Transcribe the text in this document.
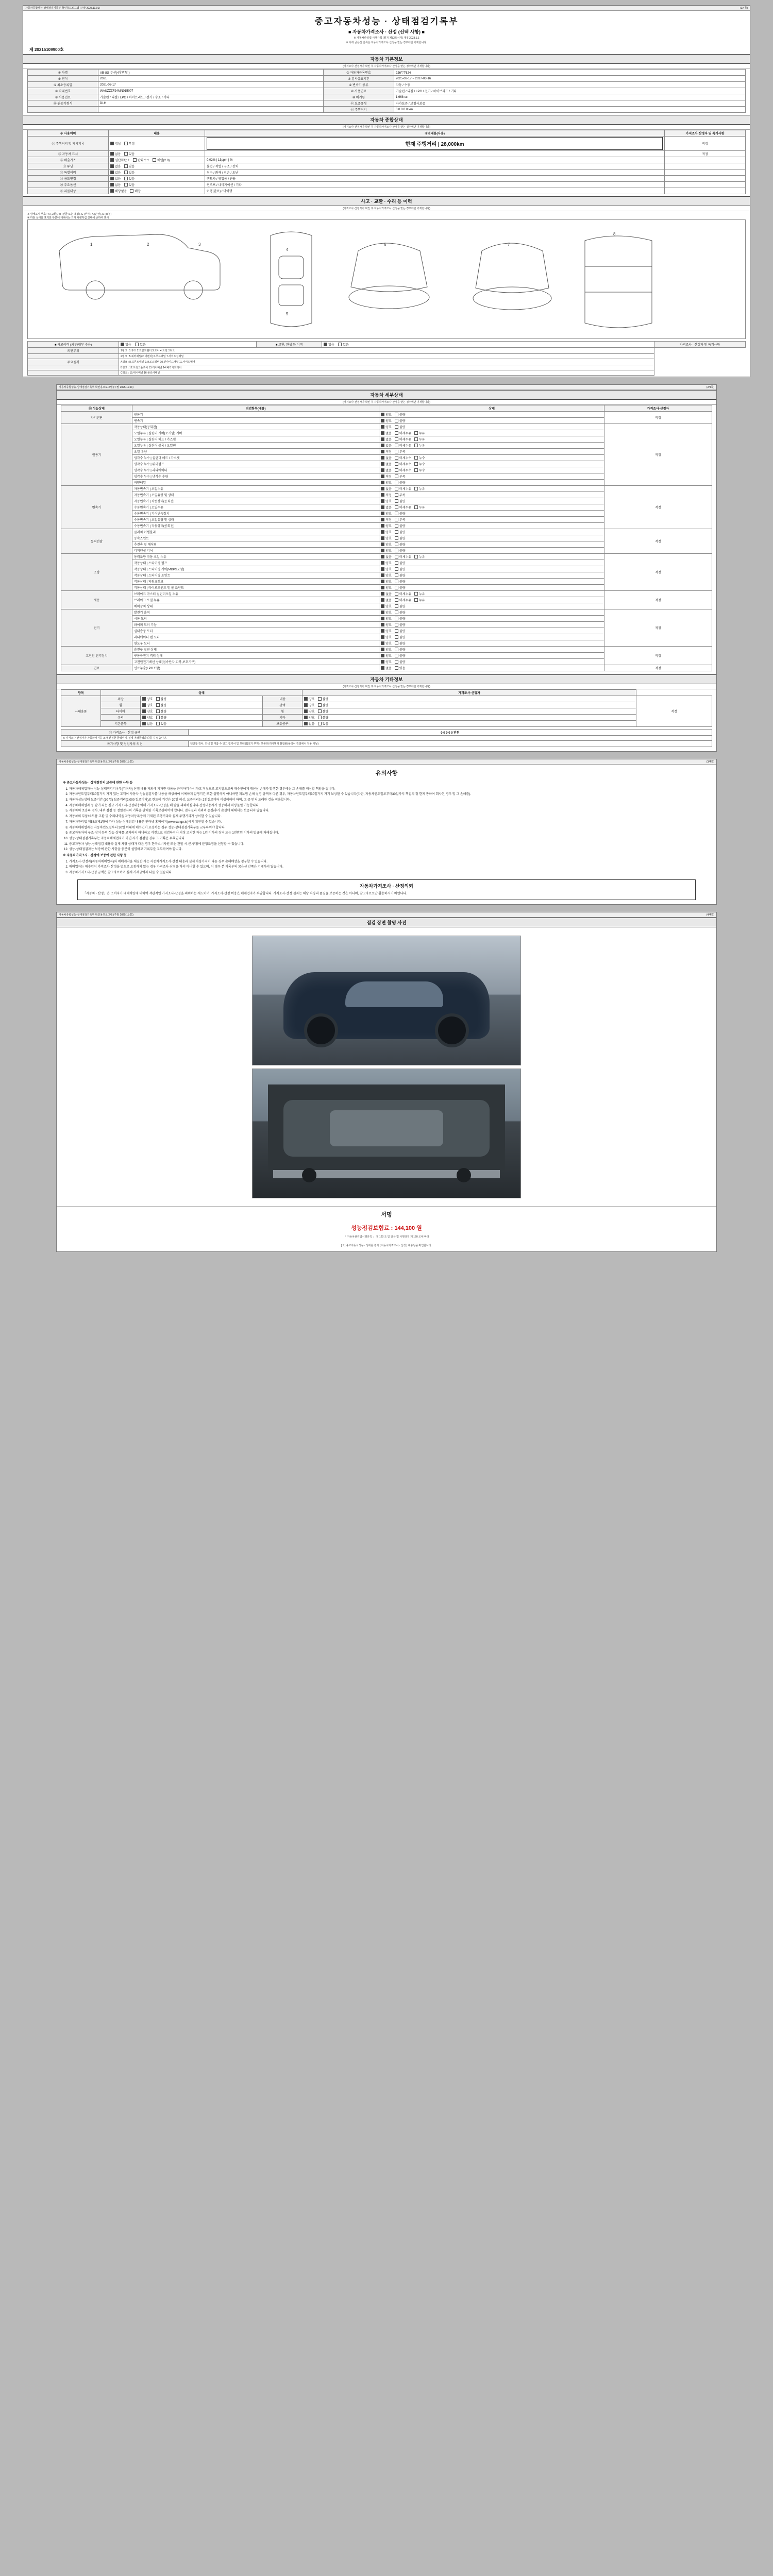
자동차종합성능·상태점검기록부 확인용프로그램 (주말 2025.11.01)	(1/4쪽)
중고자동차성능 · 상태점검기록부
■ 자동차가격조사 · 산정 (선택 사항) ■
※ 자동차관리법 시행규칙 [별지 제82호서식] 개정 2023.1.1
※ 아래 굵은선 안쪽은 자동차가격조사·산정을 받는 경우에만 기재합니다.
제 20215109900호
자동차 기본정보
(가격조사·산정자가 확인 후 자동차가격조사·산정을 받는 경우에만 기재합니다)
① 차명	AB-8G 무선(4후반딜 )	② 자동차등록번호	226무7624
③ 연식	2021	④ 검사유효기간	2025-03-17 ~ 2027-03-16
⑤ 최초등록일	2021-03-17	⑥ 변속기 종류	자동 / 수동
⑦ 차대번호	WAUZZZF24MN015007	⑧ 사용연료	가솔린 / 디젤 / LPG / 전기 / 하이브리드 / 기타
⑨ 사용연료	가솔린 / 디젤 / LPG / 하이브리드 / 전기 / 수소 / 기타	⑩ 배기량	1,968 cc
⑪ 원동기형식	DLH	⑫ 보증유형	자가보증 / 보험사보증
		⑬ 주행거리	0 0 0 0 0 km
자동차 종합상태
(가격조사·산정자가 확인 후 자동차가격조사·산정을 받는 경우에만 기재합니다)
※ 사용이력	내용	점검내용(사용)	가격조사·산정자 및 특기사항
⑭ 주행거리 및 제시기록	정상 부정	현재 주행거리 | 28,000km	적정
⑮ 자동차 표시	없음 있음		적정
⑯ 배출가스	일산화탄소 탄화수소 매연(2.0)	0.02% | 13ppm | %	
⑰ 튜닝	없음 있음	불법 / 적법 / 구조 / 장치	
⑱ 특별이력	없음 있음	침수 / 화재 / 전손 / 도난	
⑲ 용도변경	없음 있음	렌트카 / 영업용 / 관용	
⑳ 주요옵션	없음 있음	썬루프 / 네비게이션 / 기타	
㉑ 리콜대상	해당없음 해당	이행(완료) / 미이행	
사고 · 교환 · 수리 등 이력
(가격조사·산정자가 확인 후 자동차가격조사·산정을 받는 경우에만 기재합니다)
※ 상태표시 부호 : X (교환), W (판금 또는 용접), C (부식), A (손상), U (요철)
※ 하단 상태를 표기한 부분에 대해서는 기재 차량처럼 상태에 준하여 표시
1	2	3
4
5
6	7
8
■ 사고이력 (외부/내부 수용)	없음 있음	■ 교환, 완성 등 이력	없음 있음	가격조사 · 산정자 및 특기사항
외판부위	1랭크 : 1.후드 2.프론트펜더 3.도어 4.트렁크리드			
	2랭크 : 5.쿼터패널(리어펜더) 6.루프패널 7.사이드실패널			
주요골격	A랭크 : 8.프론트패널 9.크로스멤버 10.인사이드패널 11.사이드멤버			
	B랭크 : 12.트렁크플로어 13.리어패널 14.패키지트레이			
	C랭크 : 15.대시패널 16.플로어패널			
자동차종합성능·상태점검기록부 확인용프로그램 (주말 2025.11.01)	(2/4쪽)
자동차 세부상태
(가격조사·산정자가 확인 후 자동차가격조사·산정을 받는 경우에만 기재합니다)
㉒ 성능상태	점검항목(내용)	상태	가격조사·산정자
자기진단	원동기	양호 불량	적정
	변속기	양호 불량	
원동기	작동상태(공회전)	양호 불량	적정
	오일누유 | 실린더 커버(로커암) 커버	없음 미세누유 누유	
	오일누유 | 실린더 헤드 / 가스켓	없음 미세누유 누유	
	오일누유 | 실린더 블록 / 오일팬	없음 미세누유 누유	
	오일 유량	적정 부족	
	냉각수 누수 | 실린더 헤드 / 가스켓	없음 미세누수 누수	
	냉각수 누수 | 워터펌프	없음 미세누수 누수	
	냉각수 누수 | 라디에이터	없음 미세누수 누수	
	냉각수 누수 | 냉각수 수량	적정 부족	
	커먼레일	양호 불량	
변속기	자동변속기 | 오일누유	없음 미세누유 누유	적정
	자동변속기 | 오일유량 및 상태	적정 부족	
	자동변속기 | 작동상태(공회전)	양호 불량	
	수동변속기 | 오일누유	없음 미세누유 누유	
	수동변속기 | 기어변속장치	양호 불량	
	수동변속기 | 오일유량 및 상태	적정 부족	
	수동변속기 | 작동상태(공회전)	양호 불량	
동력전달	클러치 어셈블리	양호 불량	적정
	등속죠인트	양호 불량	
	추진축 및 베어링	양호 불량	
	디퍼렌셜 기어	양호 불량	
조향	동력조향 작동 오일 누유	없음 미세누유 누유	적정
	작동상태 | 스티어링 펌프	양호 불량	
	작동상태 | 스티어링 기어(MDPS포함)	양호 불량	
	작동상태 | 스티어링 조인트	양호 불량	
	작동상태 | 파워크랭크	양호 불량	
	작동상태 | 타이로드엔드 및 볼 조인트	양호 불량	
제동	브레이크 마스터 실린더오일 누유	없음 미세누유 누유	적정
	브레이크 오일 누유	없음 미세누유 누유	
	배력장치 상태	양호 불량	
전기	발전기 출력	양호 불량	적정
	시동 모터	양호 불량	
	와이퍼 모터 기능	양호 불량	
	실내송풍 모터	양호 불량	
	라디에이터 팬 모터	양호 불량	
	윈도우 모터	양호 불량	
고전원 전기장치	충전구 절연 상태	양호 불량	적정
	구동축전지 격리 상태	양호 불량	
	고전원전기배선 상태(접속단자,피복,보호기구)	양호 불량	
연료	연료누출(LPG포함)	없음 있음	적정
자동차 기타정보
(가격조사·산정자가 확인 후 자동차가격조사·산정을 받는 경우에만 기재합니다)
항목	상태			가격조사·산정자	
사내용품	외장	양호 불량	내장	양호 불량	적정
	휠	양호 불량	광택	양호 불량	
	타이어	양호 불량	휠	양호 불량	
	유리	양호 불량	기타	양호 불량	
	기본품목	없음 있음	보유공구	없음 있음	
㉓ 가격조사 · 산정 금액	0 0 0 0 0 만원
※ 가격조사·산정자가 자동차가격을 조사·산정한 금액이며, 실제 거래금액과 다를 수 있습니다.	
특기사항 및 점검자의 의견	엔진룸 검사, 도색 및 미흡 수 있고 휠기어 및 프레임(전기 부재), 프론트/리어범퍼 불합판(플링이 검검에서 적용 가능)
자동차종합성능·상태점검기록부 확인용프로그램 (주말 2025.11.01)	(3/4쪽)
유의사항

※ 중고자동차성능 · 상태점검의 보증에 관한 사항 등

1. 자동차해체업자는 성능·상태점검기록부(기록사)·산정 내용 제외에 기재한 내용을 근거하기 아니하고 거짓으로 고지할으로써 매수인에게 재산상 손해가 발생한 경우에는 그 손해를 배상할 책임을 집니다.
2. 자동차인도일부터30일가지 거기 있는 고객이 자동차 성능점검자를 내용을 배상하여 이에하지 발생기간 또한 설명하지 아니하면 피보험 손해 설명·금액이 다른 경우, 자동차인도일부터30일가지 거기 보상할 수 있습니다(다만, 자동차인도일로부터30일가지 책임의 정 한계 통하여 회사된 경우 및 그 손해를).
3. 자동차성능상태 보증기간 (30 일) 보증거리(2,000 킬로미터)로 한도에 기간은 30일 이상, 보증거리는 2천킬로미터 이상이어야 하며, 그 중 먼저 도래한 것을 적용합니다.
4. 자동차해체업자 등 같기 되는 신규 가격조사·산정내용이해 가격조사·산정을 해 받을 의뢰하십니다·산정내용자가 성공해서 차량물일 가능합니다.
5. 자동차의 초음파 검사, 내부 점검 등 정밀검사의 기록을 판매한 기록보관하여야 합니다. 검사결과 이외의 손상/추가 손실에 대해서는 보증되지 않습니다.
6. 자동차의 부품/소모품 교환 및 수리내역을 자동차등록증에 기재된 주행거리와 실제 주행거리가 상이할 수 있습니다.
7. 자동차관리법 제58조제1항에 따라 성능·상태점검 내용은 인터넷 홈페이지(www.car.go.kr)에서 확인할 수 있습니다.
8. 자동차매매업자는 자동차인도일부터 30일 이내에 매수인이 요청하는 경우 성능·상태점검기록부를 교부하여야 합니다.
9. 중고자동차의 구조·장치 등의 성능·상태를 고지하지 아니하고 거짓으로 점검하거나 거짓 고지한 자는 1년 이하의 징역 또는 1천만원 이하의 벌금에 처해집니다.
10. 성능·상태점검기록부는 자동차해체업자가 아닌 자가 점검한 경우 그 기록은 무효입니다.
11. 중고자동차 성능·상태점검 내용과 실제 차량 상태가 다른 경우 한국소비자원 또는 관할 시·군·구청에 분쟁조정을 신청할 수 있습니다.
12. 성능·상태점검자는 보증에 관한 사항을 충분히 설명하고 기록부를 교부하여야 합니다.

※ 자동차가격조사 · 산정에 보증에 관한 사항 등

1. 가격조사·산정자(자동차매매업자)와 매매계약을 체결한 자는 자동차가격조사·산정 내용과 실제 차량가격이 다른 경우 손해배상을 청구할 수 있습니다.
2. 매매업자는 매수인이 가격조사·산정을 별도로 요청하지 않는 경우 가격조사·산정을 하지 아니할 수 있으며, 이 경우 본 기록부의 굵은선 안쪽은 기재하지 않습니다.
3. 자동차가격조사·산정 금액은 참고자료이며 실제 거래금액과 다를 수 있습니다.
자동차가격조사 · 산정의뢰
「자동차 · 산정」은 소비자가 매매차량에 대하여 객관적인 가격조사·산정을 의뢰하는 제도이며, 가격조사·산정 비용은 매매업자가 부담합니다. 가격조사·산정 결과는 해당 차량의 품질을 보증하는 것은 아니며, 참고자료로만 활용하시기 바랍니다.
자동차종합성능·상태점검기록부 확인용프로그램 (주말 2025.11.01)	(4/4쪽)
점검 장면 촬영 사진
서명
성능점검보험료 : 144,100 원
「 자동차관리법시행규칙 」 제 120 조 및 같은 법 시행규칙 제 120 조에 따라
[ 5 ] 중고자동차성능 · 상태를 검사 [ 자동차가격조사 · 산정 ] 내용임을 확인합니다.
